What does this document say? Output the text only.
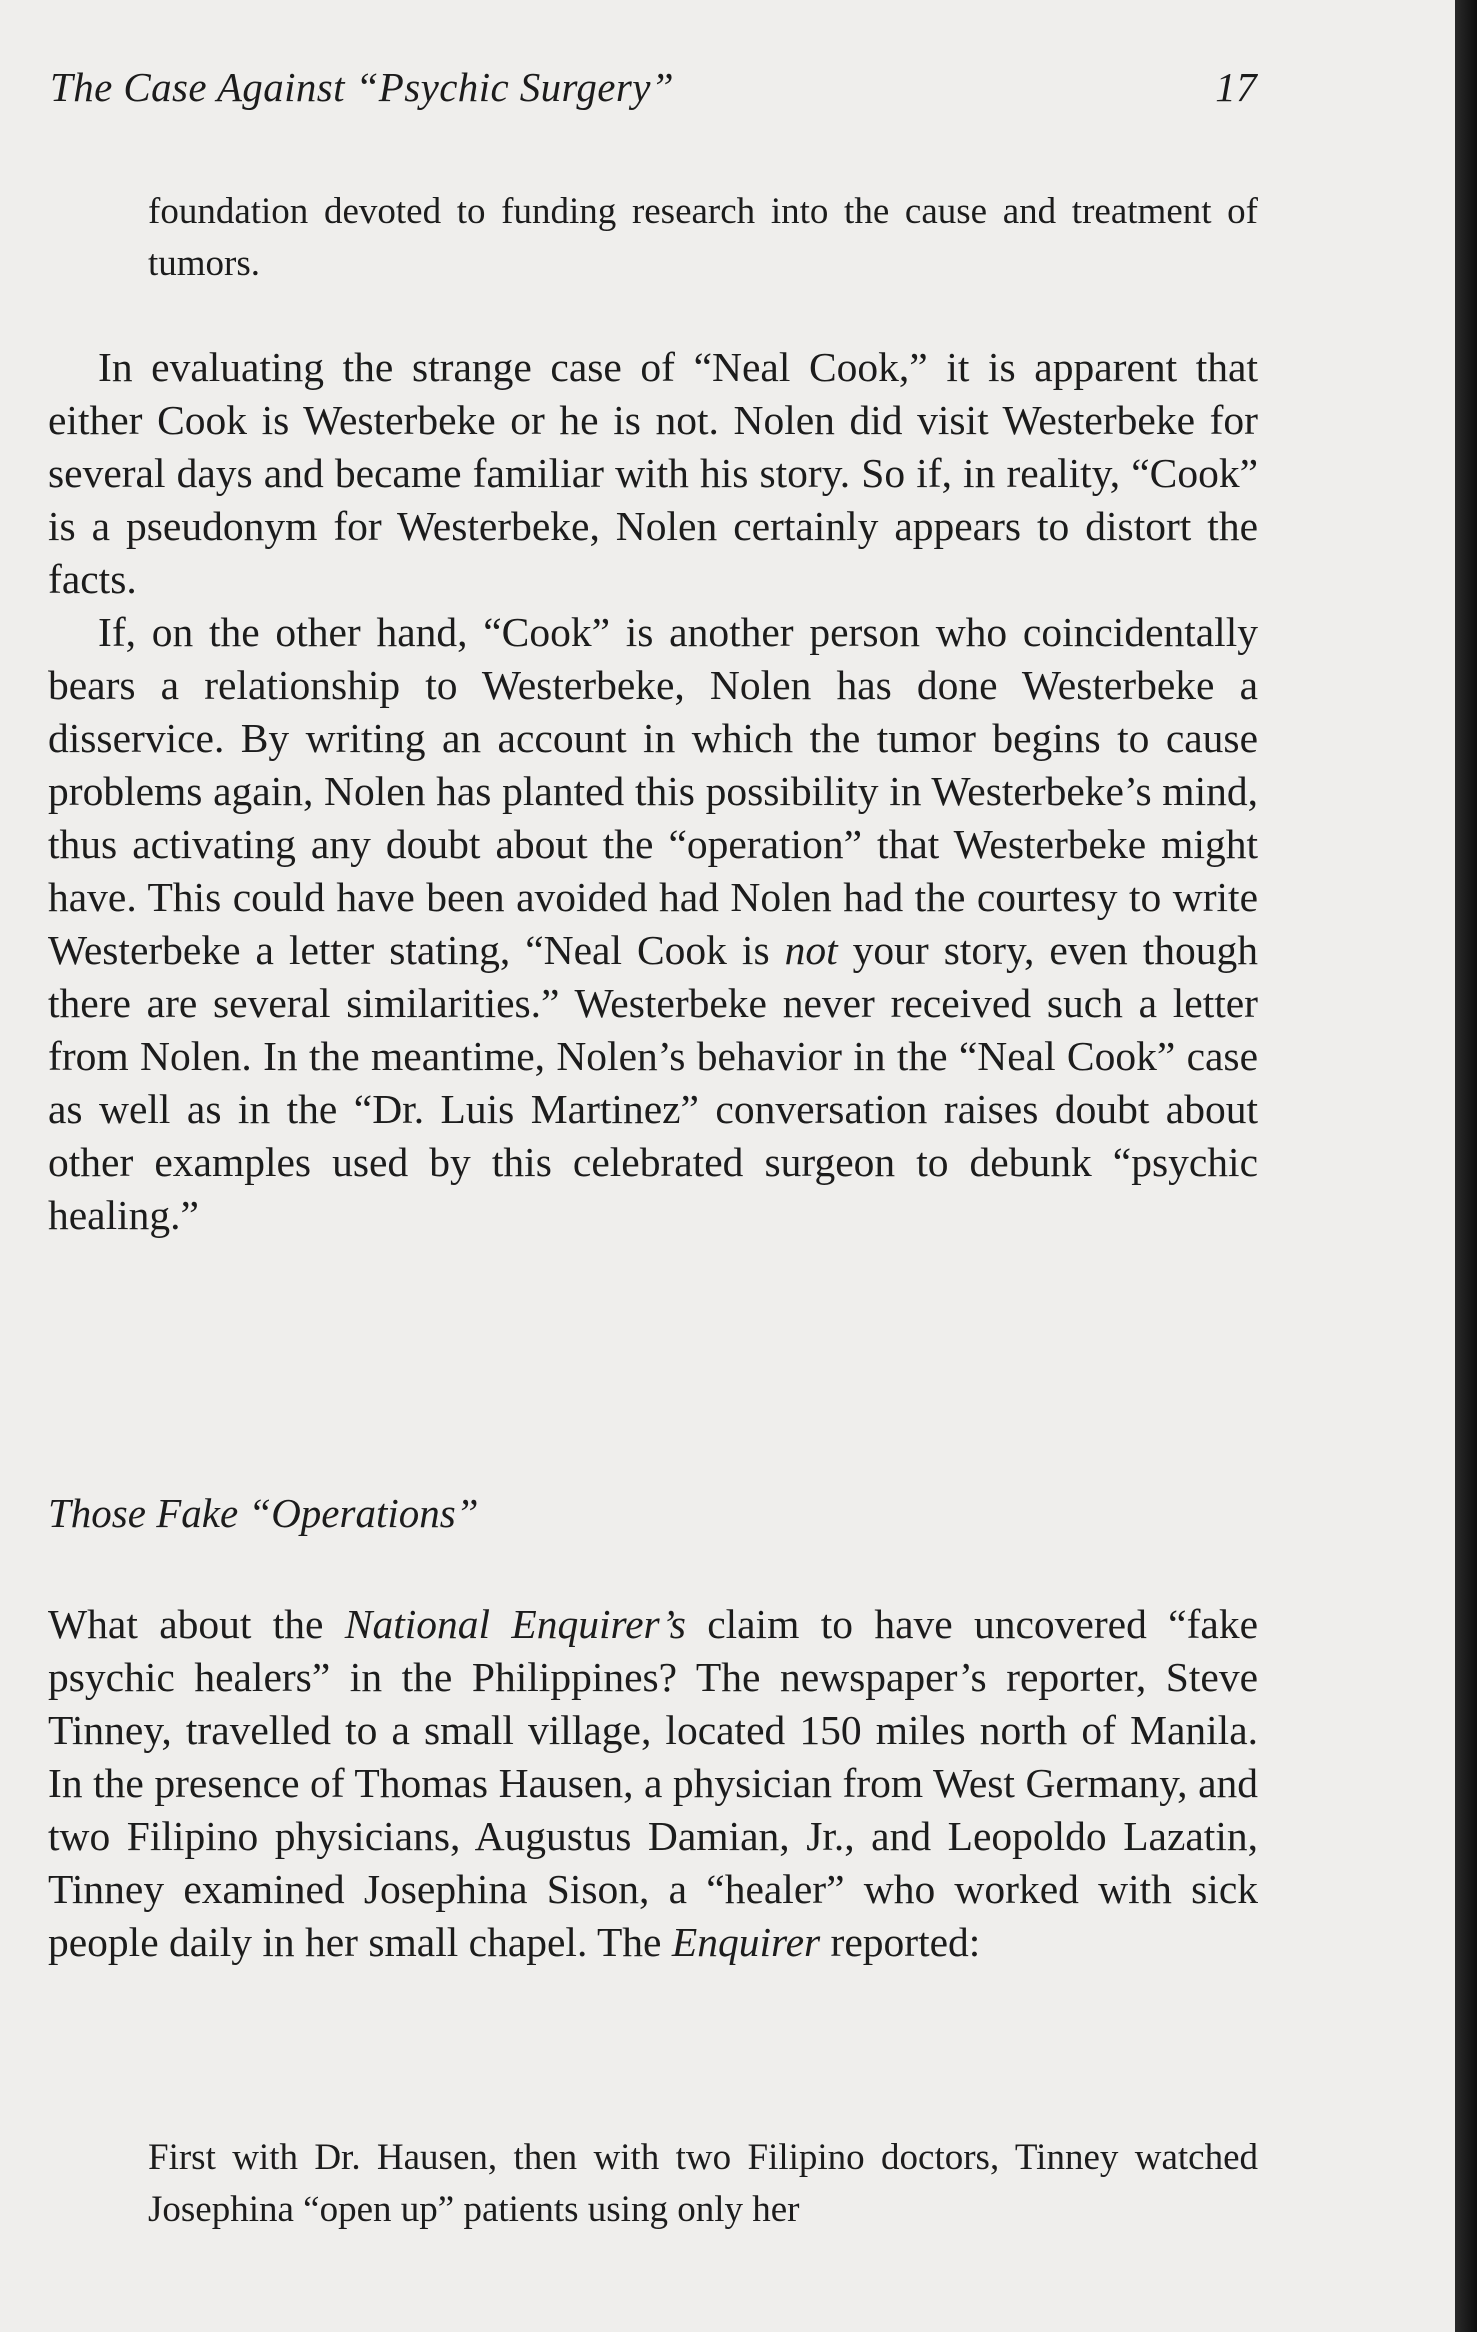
The Case Against “Psychic Surgery”	17

foundation devoted to funding research into the cause and treatment of tumors.

In evaluating the strange case of “Neal Cook,” it is apparent that either Cook is Westerbeke or he is not. Nolen did visit Westerbeke for several days and became familiar with his story. So if, in reality, “Cook” is a pseudonym for Westerbeke, Nolen certainly appears to distort the facts.

If, on the other hand, “Cook” is another person who coincidentally bears a relationship to Westerbeke, Nolen has done Westerbeke a disservice. By writing an account in which the tumor begins to cause problems again, Nolen has planted this possibility in Westerbeke’s mind, thus activating any doubt about the “operation” that Westerbeke might have. This could have been avoided had Nolen had the courtesy to write Westerbeke a letter stating, “Neal Cook is not your story, even though there are several similarities.” Westerbeke never received such a letter from Nolen. In the meantime, Nolen’s behavior in the “Neal Cook” case as well as in the “Dr. Luis Martinez” conversation raises doubt about other examples used by this celebrated surgeon to debunk “psychic healing.”

Those Fake “Operations”

What about the National Enquirer’s claim to have uncovered “fake psychic healers” in the Philippines? The newspaper’s reporter, Steve Tinney, travelled to a small village, located 150 miles north of Manila. In the presence of Thomas Hausen, a physician from West Germany, and two Filipino physicians, Augustus Damian, Jr., and Leopoldo Lazatin, Tinney examined Josephina Sison, a “healer” who worked with sick people daily in her small chapel. The Enquirer reported:

First with Dr. Hausen, then with two Filipino doctors, Tinney watched Josephina “open up” patients using only her
